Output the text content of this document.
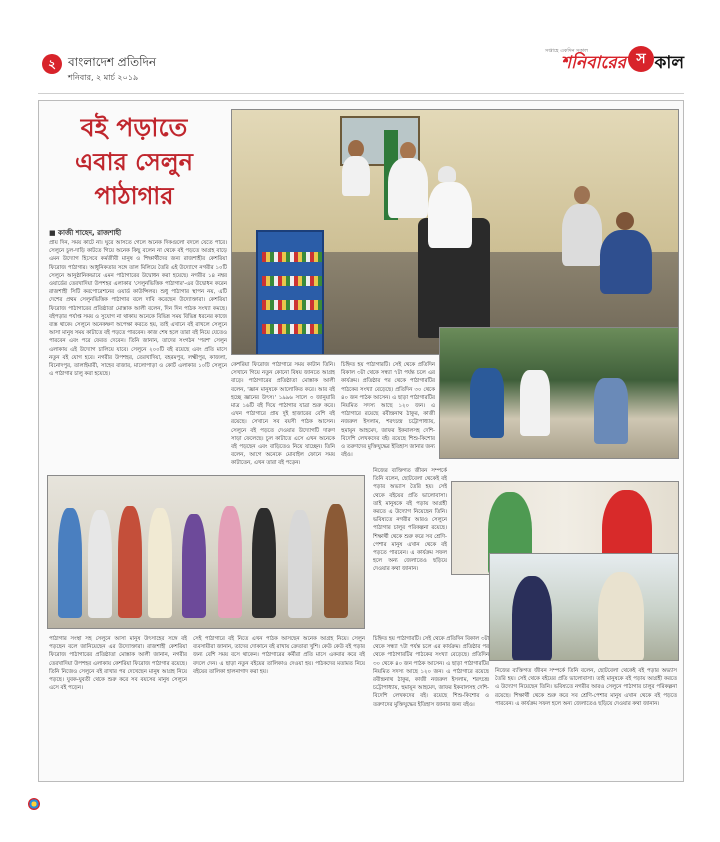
২	বাংলাদেশ প্রতিদিন
শনিবার, ২ মার্চ ২০১৯
সপ্তাহে একদিন সকাল
শনিবারের স কাল
বই পড়াতে
এবার সেলুন
পাঠাগার
■ কাজী শাহেদ, রাজশাহী
প্রায় দিন, সময় কাটে না। ঘুরে আসতে গেলে অনেক দিকগুলো বদলে যেতে পারে। সেলুনে চুল-দাড়ি কাটতে গিয়ে অনেক কিছু বলেন না থেকে বই পড়তে আগ্রহ বাড়ে এমন উদ্যোগ হিসেবে কর্মজীবী মানুষ ও শিক্ষার্থীদের জন্য রাজশাহীর কেশরিয়া ফিরোজ পাঠাগার। আধুনিকতার সঙ্গে তাল মিলিয়ে তৈরি এই উদ্যোগে নগরীর ১০টি সেলুনে আনুষ্ঠানিকভাবে এমন পাঠাগারের উদ্বোধন করা হয়েছে। নগরীর ১৪ নম্বর ওয়ার্ডের তেরখাদিয়া উপশহর এলাকার 'সেলুনভিত্তিক পাঠাগার'-এর উদ্বোধন করেন রাজশাহী সিটি করপোরেশনের ওয়ার্ড কাউন্সিলর। শুধু পাঠাগার স্থাপন নয়, এটি দেশের প্রথম সেলুনভিত্তিক পাঠাগার বলে দাবি করেছেন উদ্যোক্তারা। কেশরিয়া ফিরোজ পাঠাগারের প্রতিষ্ঠাতা মোস্তাক আলী বলেন, দিন দিন পাঠক সংখ্যা কমছে। বইপড়ার পর্যাপ্ত সময় ও সুযোগ না থাকায় অনেকে বিভিন্ন সময় বিভিন্ন ধরনের কাজে ব্যস্ত থাকে। সেলুনে অনেকক্ষণ অপেক্ষা করতে হয়, তাই এখানে বই রাখলে সেলুনে আসা মানুষ সময় কাটাতে বই পড়তে পারবেন। কাজ শেষ হলে তারা বই নিয়ে যেতেও পারবেন এবং পরে ফেরত দেবেন। তিনি জানান, তাদের সংগঠন 'পরশ' সেলুন এলাকায় এই উদ্যোগ চালিয়ে যাবে। সেলুনে ২০০টি বই রয়েছে এবং প্রতি মাসে নতুন বই যোগ হবে। নগরীর উপশহর, তেরখাদিয়া, বহরমপুর, লক্ষ্মীপুর, কাজলা, বিনোদপুর, তালাইমারী, সাহেব বাজার, মালোপাড়া ও কোর্ট এলাকার ১০টি সেলুনে এ পাঠাগার চালু করা হয়েছে।
কেশরিয়া ফিরোজ পাঠাগারে সময় কাটান তিনি। সেখানে গিয়ে নতুন কোনো বিষয় জানতে আগ্রহ বাড়ে। পাঠাগারের প্রতিষ্ঠাতা মোস্তাক আলী বলেন, 'জ্ঞান মানুষকে আলোকিত করে। আর বই হচ্ছে জ্ঞানের উৎস।' ১৯৯৬ সালে ৩ জানুয়ারি মাত্র ১৬টি বই দিয়ে পাঠাগার যাত্রা শুরু করে। এখন পাঠাগারে প্রায় দুই হাজারের বেশি বই রয়েছে। সেখানে সব বয়সী পাঠক আসেন। সেলুনে বই পড়তে দেওয়ার উদ্যোগটি দারুণ সাড়া ফেলেছে। চুল কাটাতে এসে এখন অনেকে বই পড়ছেন এবং বাড়িতেও নিয়ে যাচ্ছেন। তিনি বলেন, আগে অনেকে মোবাইল ফোনে সময় কাটাতেন, এখন তারা বই পড়েন।
চিহ্নিত হয় পাঠাগারটি। সেই থেকে প্রতিদিন বিকাল ৩টা থেকে সন্ধ্যা ৭টা পর্যন্ত চলে এর কার্যক্রম। প্রতিষ্ঠার পর থেকে পাঠাগারটির পাঠকের সংখ্যা বেড়েছে। প্রতিদিন ৩০ থেকে ৪০ জন পাঠক আসেন। এ ছাড়া পাঠাগারটির নিয়মিত সদস্য আছে ১২০ জন। এ পাঠাগারে রয়েছে রবীন্দ্রনাথ ঠাকুর, কাজী নজরুল ইসলাম, শরৎচন্দ্র চট্টোপাধ্যায়, হুমায়ূন আহমেদ, জাফর ইকবালসহ দেশি-বিদেশি লেখকদের বই। রয়েছে শিশু-কিশোর ও তরুণদের মুক্তিযুদ্ধের ইতিহাস জানার জন্য বইও।
নিজের ব্যক্তিগত জীবন সম্পর্কে তিনি বলেন, ছোটবেলা থেকেই বই পড়ার অভ্যাস তৈরি হয়। সেই থেকে বইয়ের প্রতি ভালোবাসা। তাই মানুষকে বই পড়ায় আগ্রহী করতে এ উদ্যোগ নিয়েছেন তিনি। ভবিষ্যতে নগরীর আরও সেলুনে পাঠাগার চালুর পরিকল্পনা রয়েছে। শিক্ষার্থী থেকে শুরু করে সব শ্রেণি-পেশার মানুষ এখান থেকে বই পড়তে পারবেন। এ কার্যক্রম সফল হলে অন্য জেলাতেও ছড়িয়ে দেওয়ার কথা জানান।
পাঠাগার সংস্থা সহ সেলুনে আসা মানুষ উৎসাহের সঙ্গে বই পড়ছেন বলে জানিয়েছেন এর উদ্যোক্তারা। রাজশাহী কেশরিয়া ফিরোজ পাঠাগারের প্রতিষ্ঠাতা মোস্তাক আলী জানান, নগরীর তেরখাদিয়া উপশহর এলাকায় কেশরিয়া ফিরোজ পাঠাগার রয়েছে। তিনি নিজেও সেলুনে বই রাখার পর দেখেছেন মানুষ আগ্রহ নিয়ে পড়ছে। যুবক-যুবতী থেকে শুরু করে সব বয়সের মানুষ সেলুনে এসে বই পড়েন।
সেই পাঠাগারে বই নিতে এখন পাঠক আসছেন অনেক আগ্রহ নিয়ে। সেলুন ব্যবসায়ীরা জানান, তাদের দোকানে বই রাখায় ক্রেতারা খুশি। কেউ কেউ বই পড়ার জন্য বেশি সময় বসে থাকেন। পাঠাগারের কর্মীরা প্রতি মাসে একবার করে বই বদলে দেন। এ ছাড়া নতুন বইয়ের তালিকাও দেওয়া হয়। পাঠকদের মতামত নিয়ে বইয়ের তালিকা হালনাগাদ করা হয়।
চিহ্নিত হয় পাঠাগারটি। সেই থেকে প্রতিদিন বিকাল ৩টা থেকে সন্ধ্যা ৭টা পর্যন্ত চলে এর কার্যক্রম। প্রতিষ্ঠার পর থেকে পাঠাগারটির পাঠকের সংখ্যা বেড়েছে। প্রতিদিন ৩০ থেকে ৪০ জন পাঠক আসেন। এ ছাড়া পাঠাগারটির নিয়মিত সদস্য আছে ১২০ জন। এ পাঠাগারে রয়েছে রবীন্দ্রনাথ ঠাকুর, কাজী নজরুল ইসলাম, শরৎচন্দ্র চট্টোপাধ্যায়, হুমায়ূন আহমেদ, জাফর ইকবালসহ দেশি-বিদেশি লেখকদের বই। রয়েছে শিশু-কিশোর ও তরুণদের মুক্তিযুদ্ধের ইতিহাস জানার জন্য বইও।
নিজের ব্যক্তিগত জীবন সম্পর্কে তিনি বলেন, ছোটবেলা থেকেই বই পড়ার অভ্যাস তৈরি হয়। সেই থেকে বইয়ের প্রতি ভালোবাসা। তাই মানুষকে বই পড়ায় আগ্রহী করতে এ উদ্যোগ নিয়েছেন তিনি। ভবিষ্যতে নগরীর আরও সেলুনে পাঠাগার চালুর পরিকল্পনা রয়েছে। শিক্ষার্থী থেকে শুরু করে সব শ্রেণি-পেশার মানুষ এখান থেকে বই পড়তে পারবেন। এ কার্যক্রম সফল হলে অন্য জেলাতেও ছড়িয়ে দেওয়ার কথা জানান।
